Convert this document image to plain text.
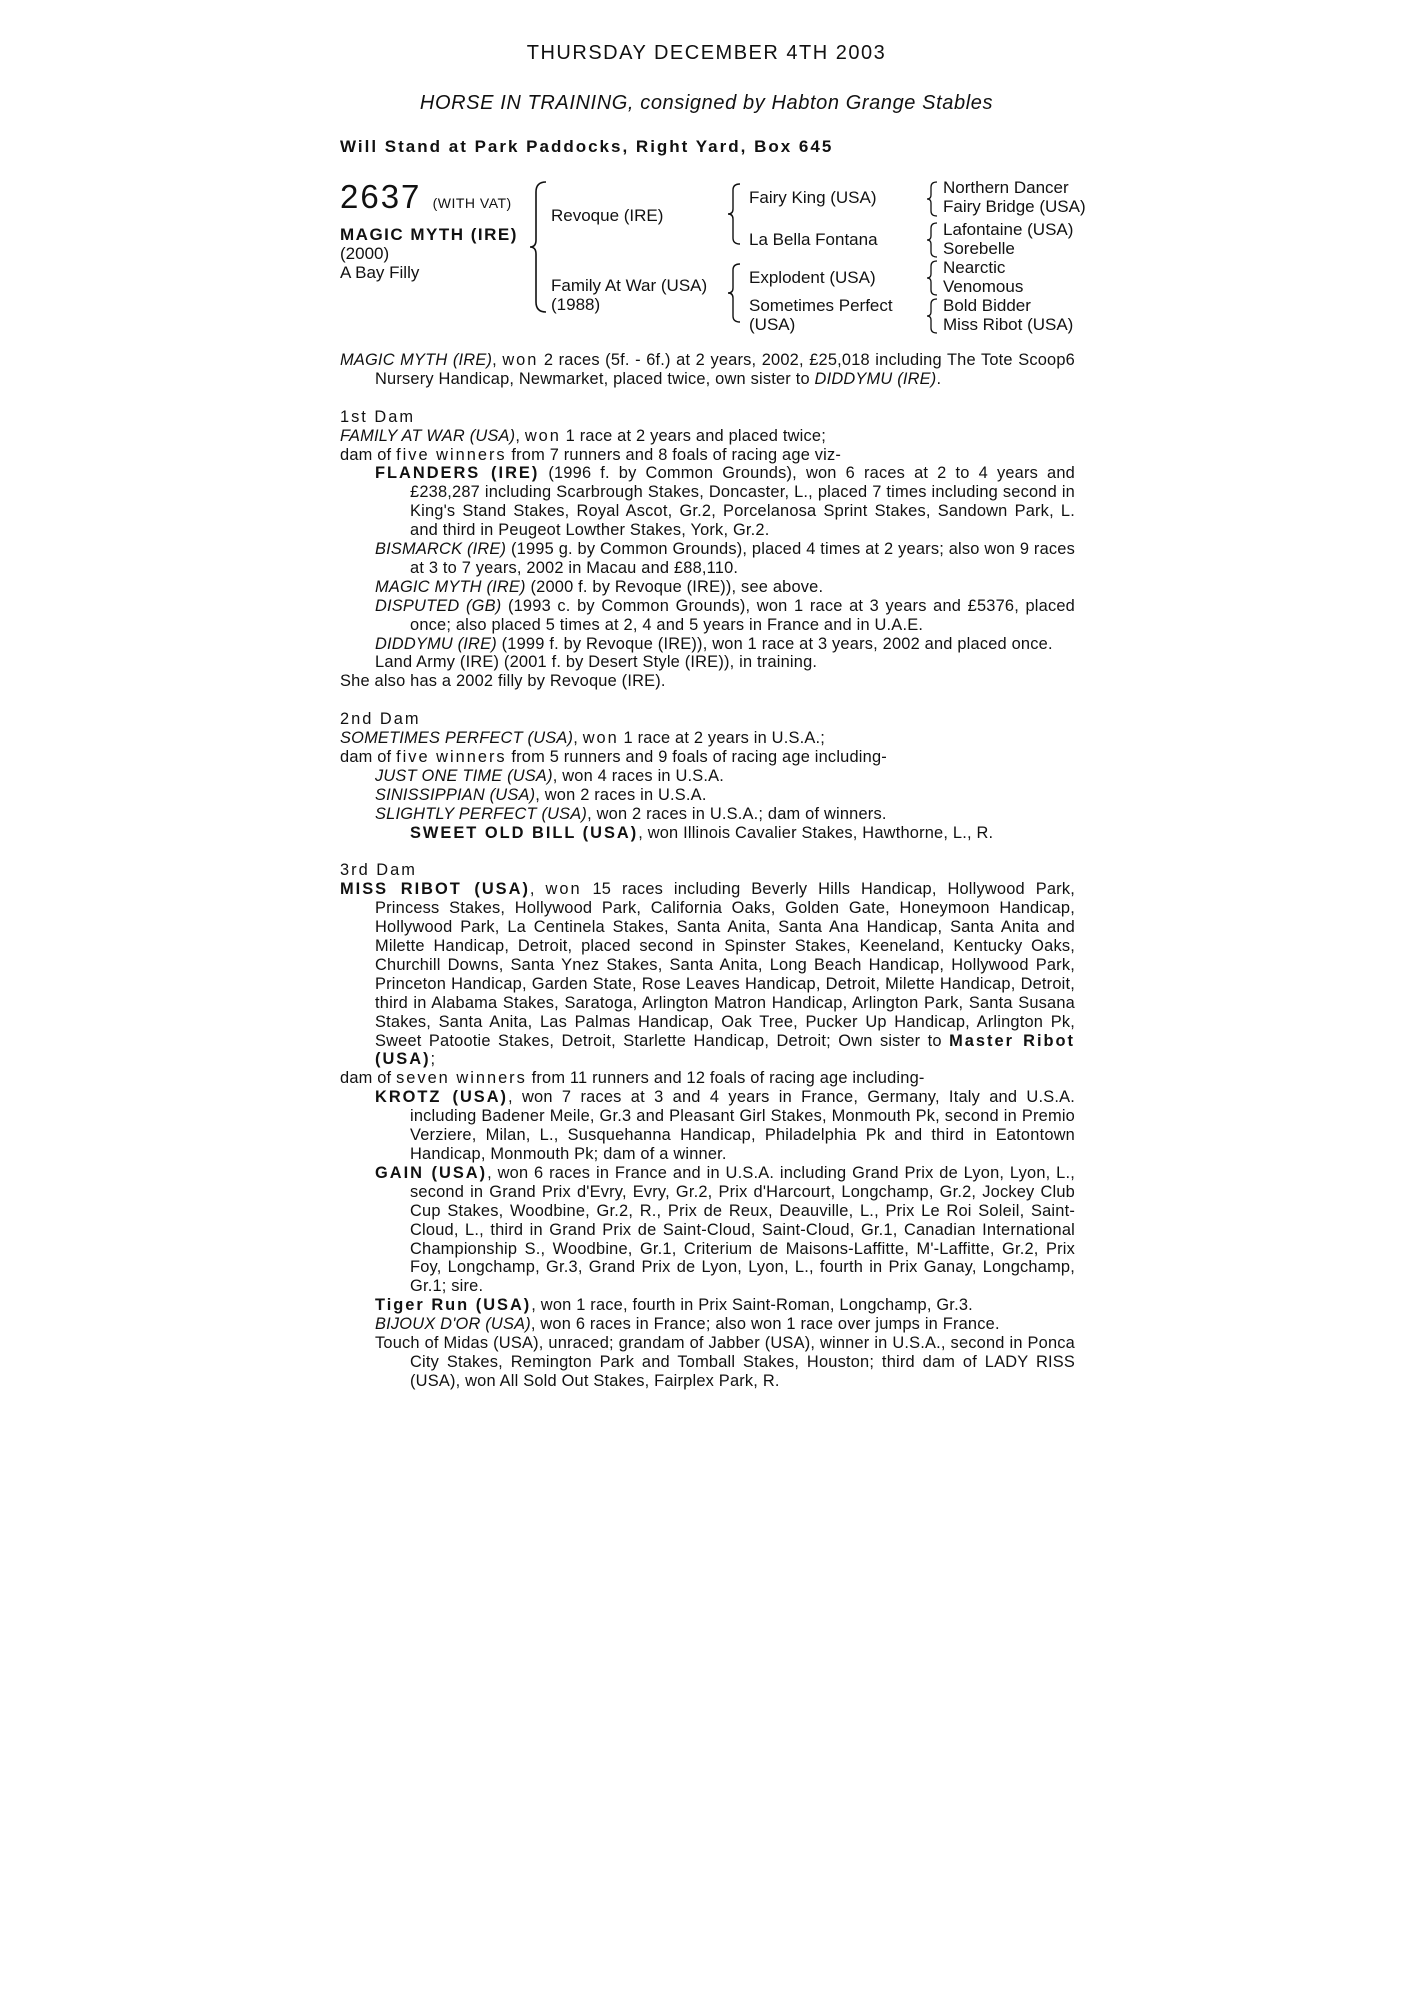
THURSDAY DECEMBER 4TH 2003
HORSE IN TRAINING, consigned by Habton Grange Stables
Will Stand at Park Paddocks, Right Yard, Box 645
2637 (WITH VAT)
MAGIC MYTH (IRE)
(2000)
A Bay Filly
Revoque (IRE)
Family At War (USA)
(1988)
Fairy King (USA)
La Bella Fontana
Explodent (USA)
Sometimes Perfect
(USA)
Northern Dancer
Fairy Bridge (USA)
Lafontaine (USA)
Sorebelle
Nearctic
Venomous
Bold Bidder
Miss Ribot (USA)

MAGIC MYTH (IRE), won 2 races (5f. - 6f.) at 2 years, 2002, £25,018 including The Tote Scoop6 Nursery Handicap, Newmarket, placed twice, own sister to DIDDYMU (IRE).

1st Dam

FAMILY AT WAR (USA), won 1 race at 2 years and placed twice;

dam of five winners from 7 runners and 8 foals of racing age viz-

FLANDERS (IRE) (1996 f. by Common Grounds), won 6 races at 2 to 4 years and £238,287 including Scarbrough Stakes, Doncaster, L., placed 7 times including second in King's Stand Stakes, Royal Ascot, Gr.2, Porcelanosa Sprint Stakes, Sandown Park, L. and third in Peugeot Lowther Stakes, York, Gr.2.

BISMARCK (IRE) (1995 g. by Common Grounds), placed 4 times at 2 years; also won 9 races at 3 to 7 years, 2002 in Macau and £88,110.

MAGIC MYTH (IRE) (2000 f. by Revoque (IRE)), see above.

DISPUTED (GB) (1993 c. by Common Grounds), won 1 race at 3 years and £5376, placed once; also placed 5 times at 2, 4 and 5 years in France and in U.A.E.

DIDDYMU (IRE) (1999 f. by Revoque (IRE)), won 1 race at 3 years, 2002 and placed once.

Land Army (IRE) (2001 f. by Desert Style (IRE)), in training.

She also has a 2002 filly by Revoque (IRE).

2nd Dam

SOMETIMES PERFECT (USA), won 1 race at 2 years in U.S.A.;

dam of five winners from 5 runners and 9 foals of racing age including-

JUST ONE TIME (USA), won 4 races in U.S.A.

SINISSIPPIAN (USA), won 2 races in U.S.A.

SLIGHTLY PERFECT (USA), won 2 races in U.S.A.; dam of winners.

SWEET OLD BILL (USA), won Illinois Cavalier Stakes, Hawthorne, L., R.

3rd Dam

MISS RIBOT (USA), won 15 races including Beverly Hills Handicap, Hollywood Park, Princess Stakes, Hollywood Park, California Oaks, Golden Gate, Honeymoon Handicap, Hollywood Park, La Centinela Stakes, Santa Anita, Santa Ana Handicap, Santa Anita and Milette Handicap, Detroit, placed second in Spinster Stakes, Keeneland, Kentucky Oaks, Churchill Downs, Santa Ynez Stakes, Santa Anita, Long Beach Handicap, Hollywood Park, Princeton Handicap, Garden State, Rose Leaves Handicap, Detroit, Milette Handicap, Detroit, third in Alabama Stakes, Saratoga, Arlington Matron Handicap, Arlington Park, Santa Susana Stakes, Santa Anita, Las Palmas Handicap, Oak Tree, Pucker Up Handicap, Arlington Pk, Sweet Patootie Stakes, Detroit, Starlette Handicap, Detroit; Own sister to Master Ribot (USA);

dam of seven winners from 11 runners and 12 foals of racing age including-

KROTZ (USA), won 7 races at 3 and 4 years in France, Germany, Italy and U.S.A. including Badener Meile, Gr.3 and Pleasant Girl Stakes, Monmouth Pk, second in Premio Verziere, Milan, L., Susquehanna Handicap, Philadelphia Pk and third in Eatontown Handicap, Monmouth Pk; dam of a winner.

GAIN (USA), won 6 races in France and in U.S.A. including Grand Prix de Lyon, Lyon, L., second in Grand Prix d'Evry, Evry, Gr.2, Prix d'Harcourt, Longchamp, Gr.2, Jockey Club Cup Stakes, Woodbine, Gr.2, R., Prix de Reux, Deauville, L., Prix Le Roi Soleil, Saint-Cloud, L., third in Grand Prix de Saint-Cloud, Saint-Cloud, Gr.1, Canadian International Championship S., Woodbine, Gr.1, Criterium de Maisons-Laffitte, M'-Laffitte, Gr.2, Prix Foy, Longchamp, Gr.3, Grand Prix de Lyon, Lyon, L., fourth in Prix Ganay, Longchamp, Gr.1; sire.

Tiger Run (USA), won 1 race, fourth in Prix Saint-Roman, Longchamp, Gr.3.

BIJOUX D'OR (USA), won 6 races in France; also won 1 race over jumps in France.

Touch of Midas (USA), unraced; grandam of Jabber (USA), winner in U.S.A., second in Ponca City Stakes, Remington Park and Tomball Stakes, Houston; third dam of LADY RISS (USA), won All Sold Out Stakes, Fairplex Park, R.
